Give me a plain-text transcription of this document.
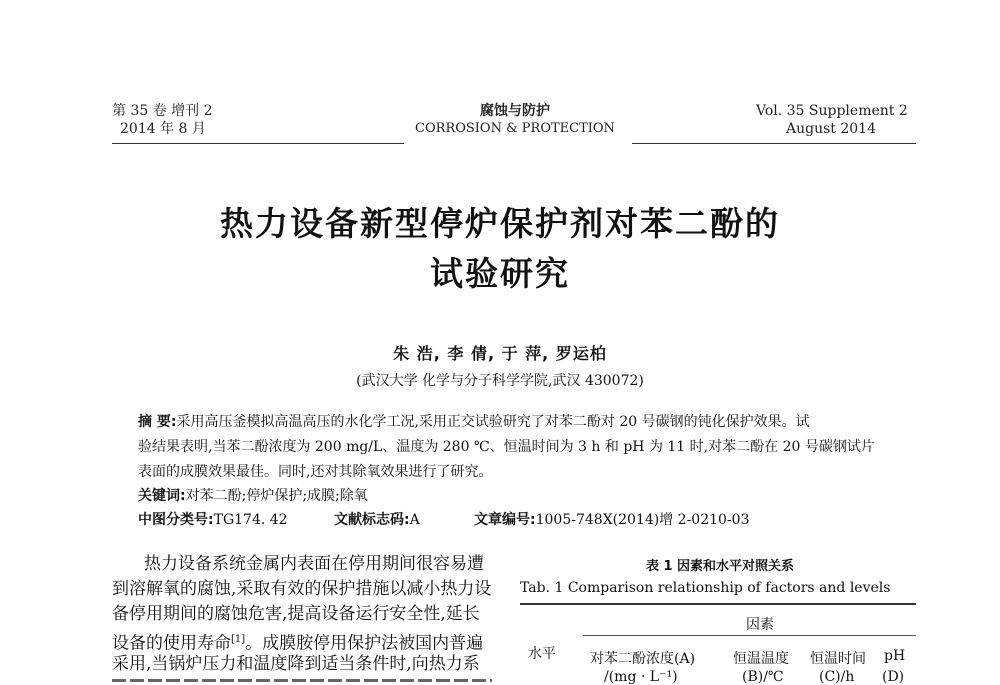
第 35 卷 增刊 2
2014 年 8 月
腐蚀与防护
CORROSION & PROTECTION
Vol. 35 Supplement 2
August 2014
热力设备新型停炉保护剂对苯二酚的
试验研究
朱 浩, 李 倩, 于 萍, 罗运柏
(武汉大学 化学与分子科学学院,武汉 430072)
摘 要:采用高压釜模拟高温高压的水化学工况,采用正交试验研究了对苯二酚对 20 号碳钢的钝化保护效果。试
验结果表明,当苯二酚浓度为 200 mg/L、温度为 280 ℃、恒温时间为 3 h 和 pH 为 11 时,对苯二酚在 20 号碳钢试片
表面的成膜效果最佳。同时,还对其除氧效果进行了研究。
关键词:对苯二酚;停炉保护;成膜;除氧
中图分类号:TG174. 42	文献标志码:A	文章编号:1005-748X(2014)增 2-0210-03
热力设备系统金属内表面在停用期间很容易遭
到溶解氧的腐蚀,采取有效的保护措施以减小热力设
备停用期间的腐蚀危害,提高设备运行安全性,延长
设备的使用寿命[1]。成膜胺停用保护法被国内普遍
采用,当锅炉压力和温度降到适当条件时,向热力系
表 1 因素和水平对照关系
Tab. 1 Comparison relationship of factors and levels
因素
水平 对苯二酚浓度(A)
/(mg · L⁻¹)
恒温温度
(B)/℃
恒温时间
(C)/h
pH
(D)
